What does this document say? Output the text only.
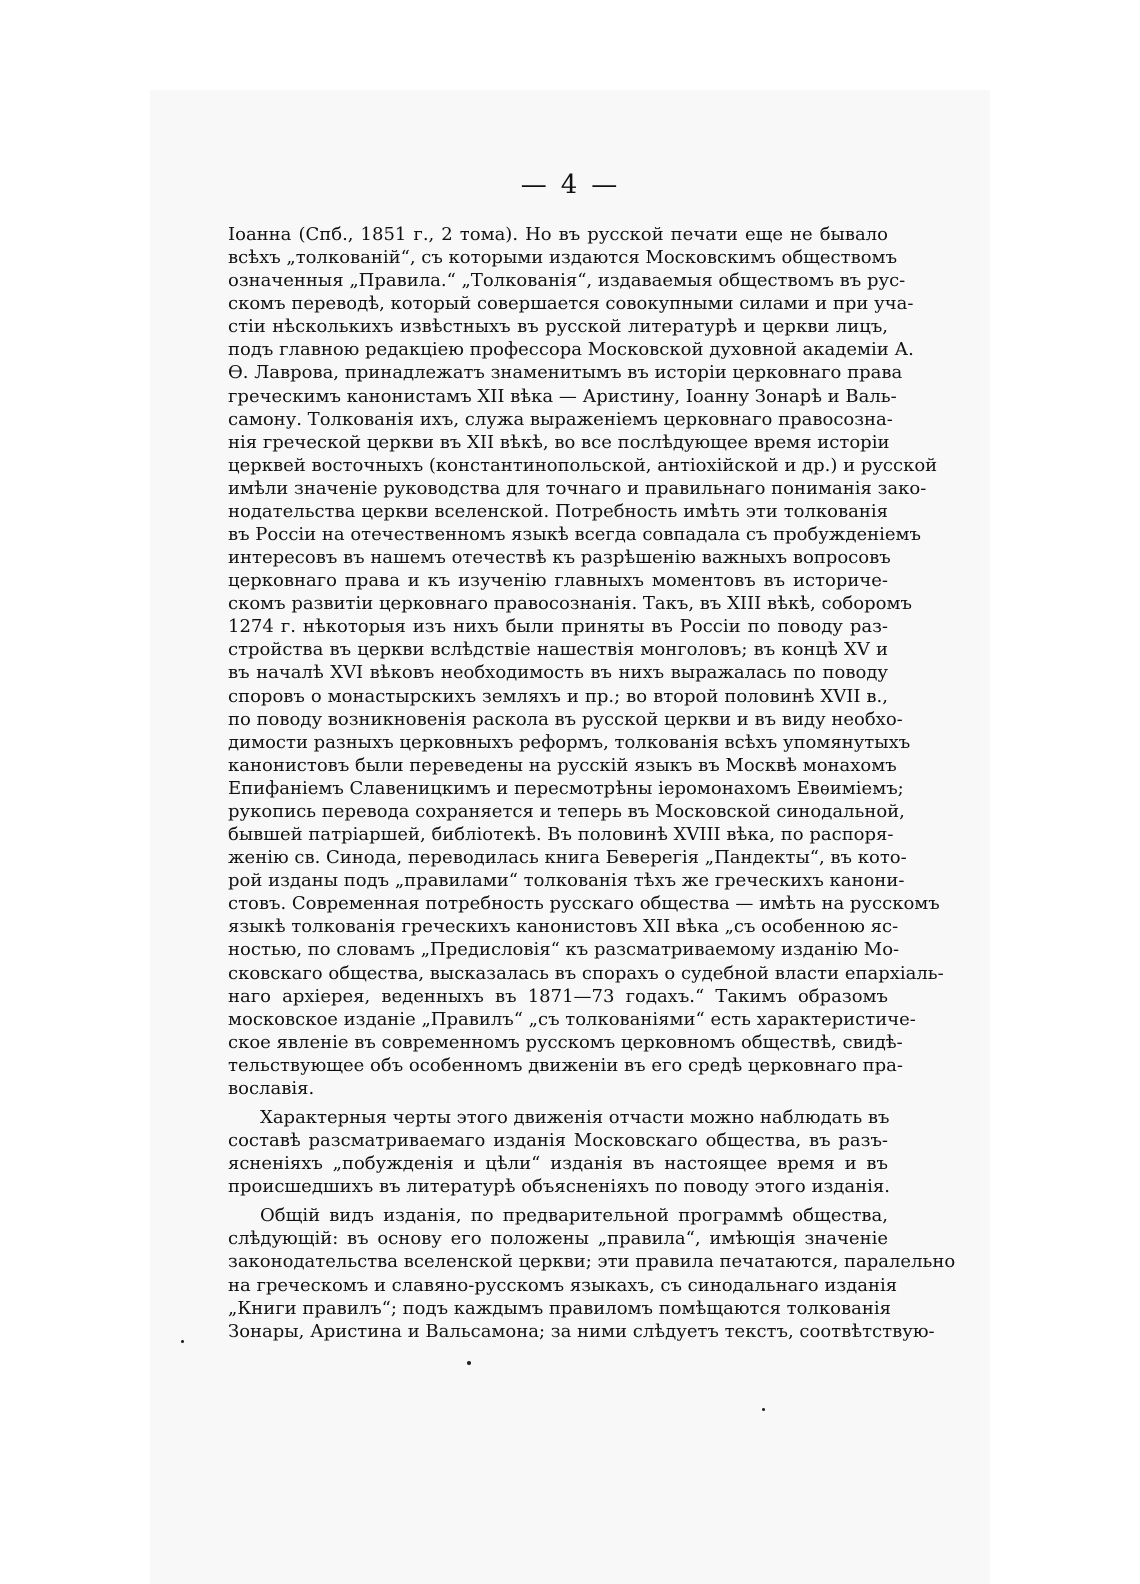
— 4 —
Іоанна (Спб., 1851 г., 2 тома). Но въ русской печати еще не бывало
всѣхъ „толкованій“, съ которыми издаются Московскимъ обществомъ
означенныя „Правила.“ „Толкованія“, издаваемыя обществомъ въ рус-
скомъ переводѣ, который совершается совокупными силами и при уча-
стіи нѣсколькихъ извѣстныхъ въ русской литературѣ и церкви лицъ,
подъ главною редакціею профессора Московской духовной академіи А.
Ѳ. Лаврова, принадлежатъ знаменитымъ въ исторіи церковнаго права
греческимъ канонистамъ XII вѣка — Аристину, Іоанну Зонарѣ и Валь-
самону. Толкованія ихъ, служа выраженіемъ церковнаго правосозна-
нія греческой церкви въ XII вѣкѣ, во все послѣдующее время исторіи
церквей восточныхъ (константинопольской, антіохійской и др.) и русской
имѣли значеніе руководства для точнаго и правильнаго пониманія зако-
нодательства церкви вселенской. Потребность имѣть эти толкованія
въ Россіи на отечественномъ языкѣ всегда совпадала съ пробужденіемъ
интересовъ въ нашемъ отечествѣ къ разрѣшенію важныхъ вопросовъ
церковнаго права и къ изученію главныхъ моментовъ въ историче-
скомъ развитіи церковнаго правосознанія. Такъ, въ XIII вѣкѣ, соборомъ
1274 г. нѣкоторыя изъ нихъ были приняты въ Россіи по поводу раз-
стройства въ церкви вслѣдствіе нашествія монголовъ; въ концѣ XV и
въ началѣ XVI вѣковъ необходимость въ нихъ выражалась по поводу
споровъ о монастырскихъ земляхъ и пр.; во второй половинѣ XVII в.,
по поводу возникновенія раскола въ русской церкви и въ виду необхо-
димости разныхъ церковныхъ реформъ, толкованія всѣхъ упомянутыхъ
канонистовъ были переведены на русскій языкъ въ Москвѣ монахомъ
Епифаніемъ Славеницкимъ и пересмотрѣны іеромонахомъ Евѳиміемъ;
рукопись перевода сохраняется и теперь въ Московской синодальной,
бывшей патріаршей, библіотекѣ. Въ половинѣ XVIII вѣка, по распоря-
женію св. Синода, переводилась книга Беверегія „Пандекты“, въ кото-
рой изданы подъ „правилами“ толкованія тѣхъ же греческихъ канони-
стовъ. Современная потребность русскаго общества — имѣть на русскомъ
языкѣ толкованія греческихъ канонистовъ XII вѣка „съ особенною яс-
ностью, по словамъ „Предисловія“ къ разсматриваемому изданію Мо-
сковскаго общества, высказалась въ спорахъ о судебной власти епархіаль-
наго архіерея, веденныхъ въ 1871—73 годахъ.“ Такимъ образомъ
московское изданіе „Правилъ“ „съ толкованіями“ есть характеристиче-
ское явленіе въ современномъ русскомъ церковномъ обществѣ, свидѣ-
тельствующее объ особенномъ движеніи въ его средѣ церковнаго пра-
вославія.
Характерныя черты этого движенія отчасти можно наблюдать въ
составѣ разсматриваемаго изданія Московскаго общества, въ разъ-
ясненіяхъ „побужденія и цѣли“ изданія въ настоящее время и въ
происшедшихъ въ литературѣ объясненіяхъ по поводу этого изданія.
Общій видъ изданія, по предварительной программѣ общества,
слѣдующій: въ основу его положены „правила“, имѣющія значеніе
законодательства вселенской церкви; эти правила печатаются, паралельно
на греческомъ и славяно-русскомъ языкахъ, съ синодальнаго изданія
„Книги правилъ“; подъ каждымъ правиломъ помѣщаются толкованія
Зонары, Аристина и Вальсамона; за ними слѣдуетъ текстъ, соотвѣтствую-
